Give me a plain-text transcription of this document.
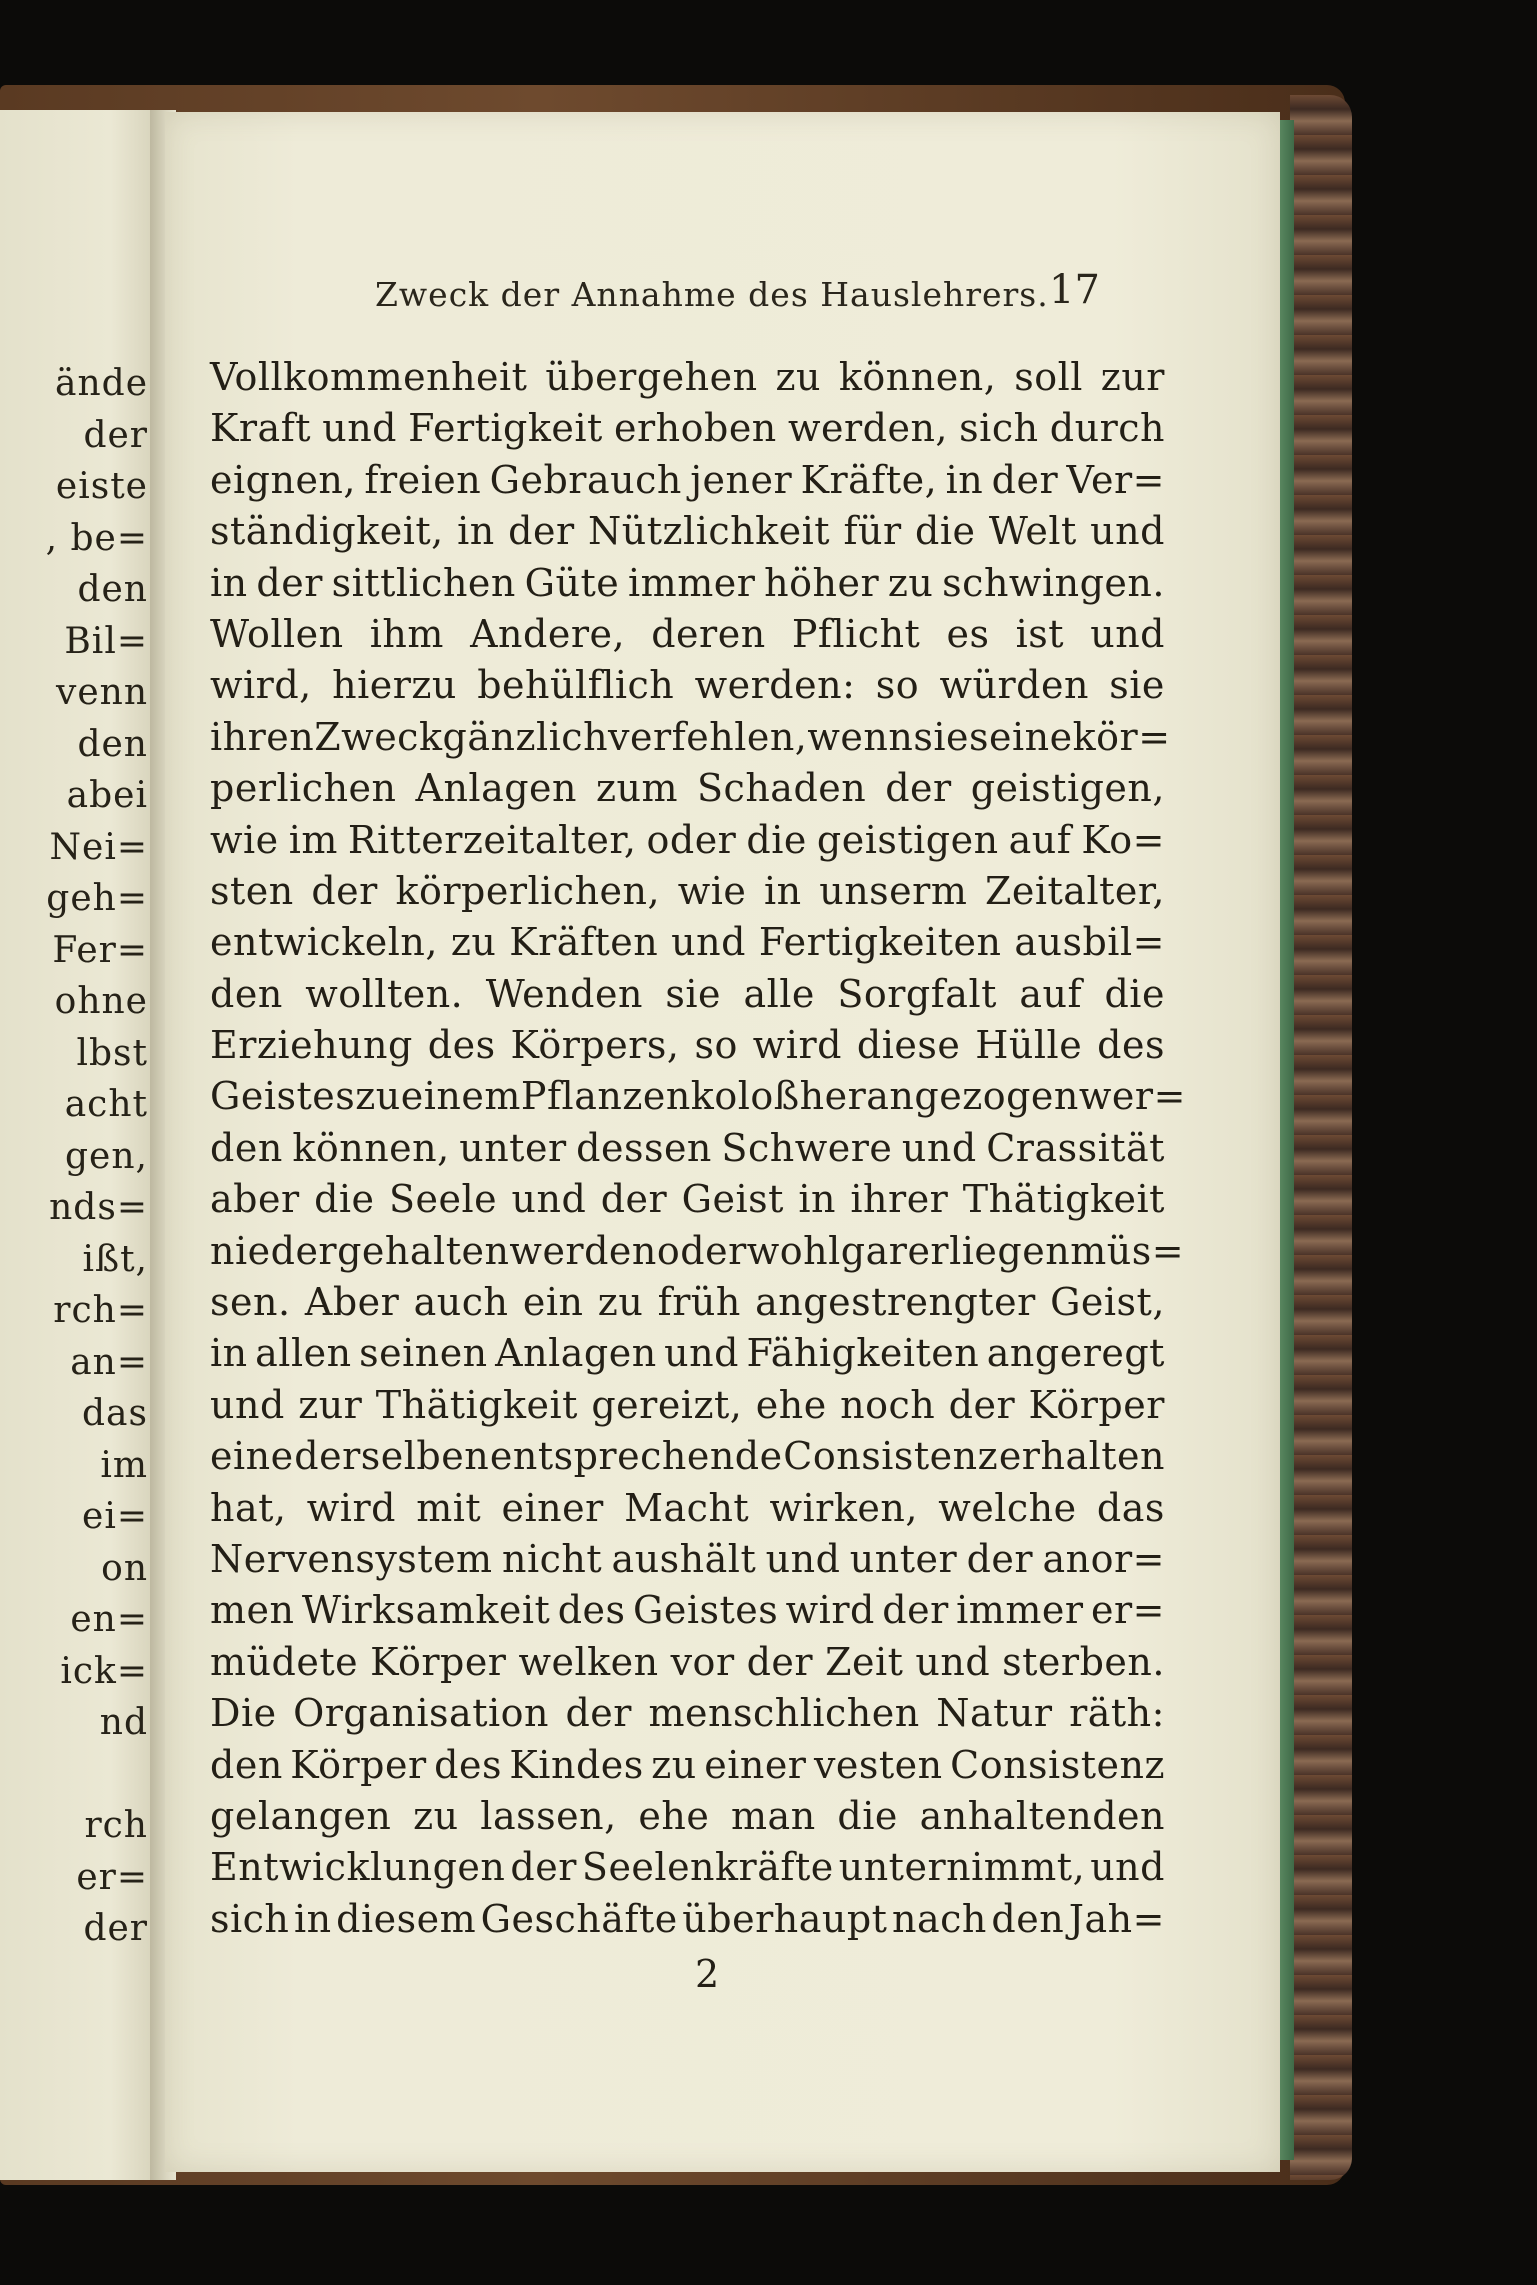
ände
der
eiste
, be=
den
Bil=
venn
den
abei
Nei=
geh=
Fer=
ohne
lbst
acht
gen,
nds=
ißt,
rch=
an=
das
im
ei=
on
en=
ick=
nd
rch
er=
der
Zweck der Annahme des Hauslehrers. 17
Vollkommenheit übergehen zu können, soll zur
Kraft und Fertigkeit erhoben werden, sich durch
eignen, freien Gebrauch jener Kräfte, in der Ver=
ständigkeit, in der Nützlichkeit für die Welt und
in der sittlichen Güte immer höher zu schwingen.
Wollen ihm Andere, deren Pflicht es ist und
wird, hierzu behülflich werden: so würden sie
ihren Zweck gänzlich verfehlen, wenn sie seine kör=
perlichen Anlagen zum Schaden der geistigen,
wie im Ritterzeitalter, oder die geistigen auf Ko=
sten der körperlichen, wie in unserm Zeitalter,
entwickeln, zu Kräften und Fertigkeiten ausbil=
den wollten. Wenden sie alle Sorgfalt auf die
Erziehung des Körpers, so wird diese Hülle des
Geistes zu einem Pflanzenkoloß herangezogen wer=
den können, unter dessen Schwere und Crassität
aber die Seele und der Geist in ihrer Thätigkeit
niedergehalten werden oder wohl gar erliegen müs=
sen. Aber auch ein zu früh angestrengter Geist,
in allen seinen Anlagen und Fähigkeiten angeregt
und zur Thätigkeit gereizt, ehe noch der Körper
eine derselben entsprechende Consistenz erhalten
hat, wird mit einer Macht wirken, welche das
Nervensystem nicht aushält und unter der anor=
men Wirksamkeit des Geistes wird der immer er=
müdete Körper welken vor der Zeit und sterben.
Die Organisation der menschlichen Natur räth:
den Körper des Kindes zu einer vesten Consistenz
gelangen zu lassen, ehe man die anhaltenden
Entwicklungen der Seelenkräfte unternimmt, und
sich in diesem Geschäfte überhaupt nach den Jah=
2
